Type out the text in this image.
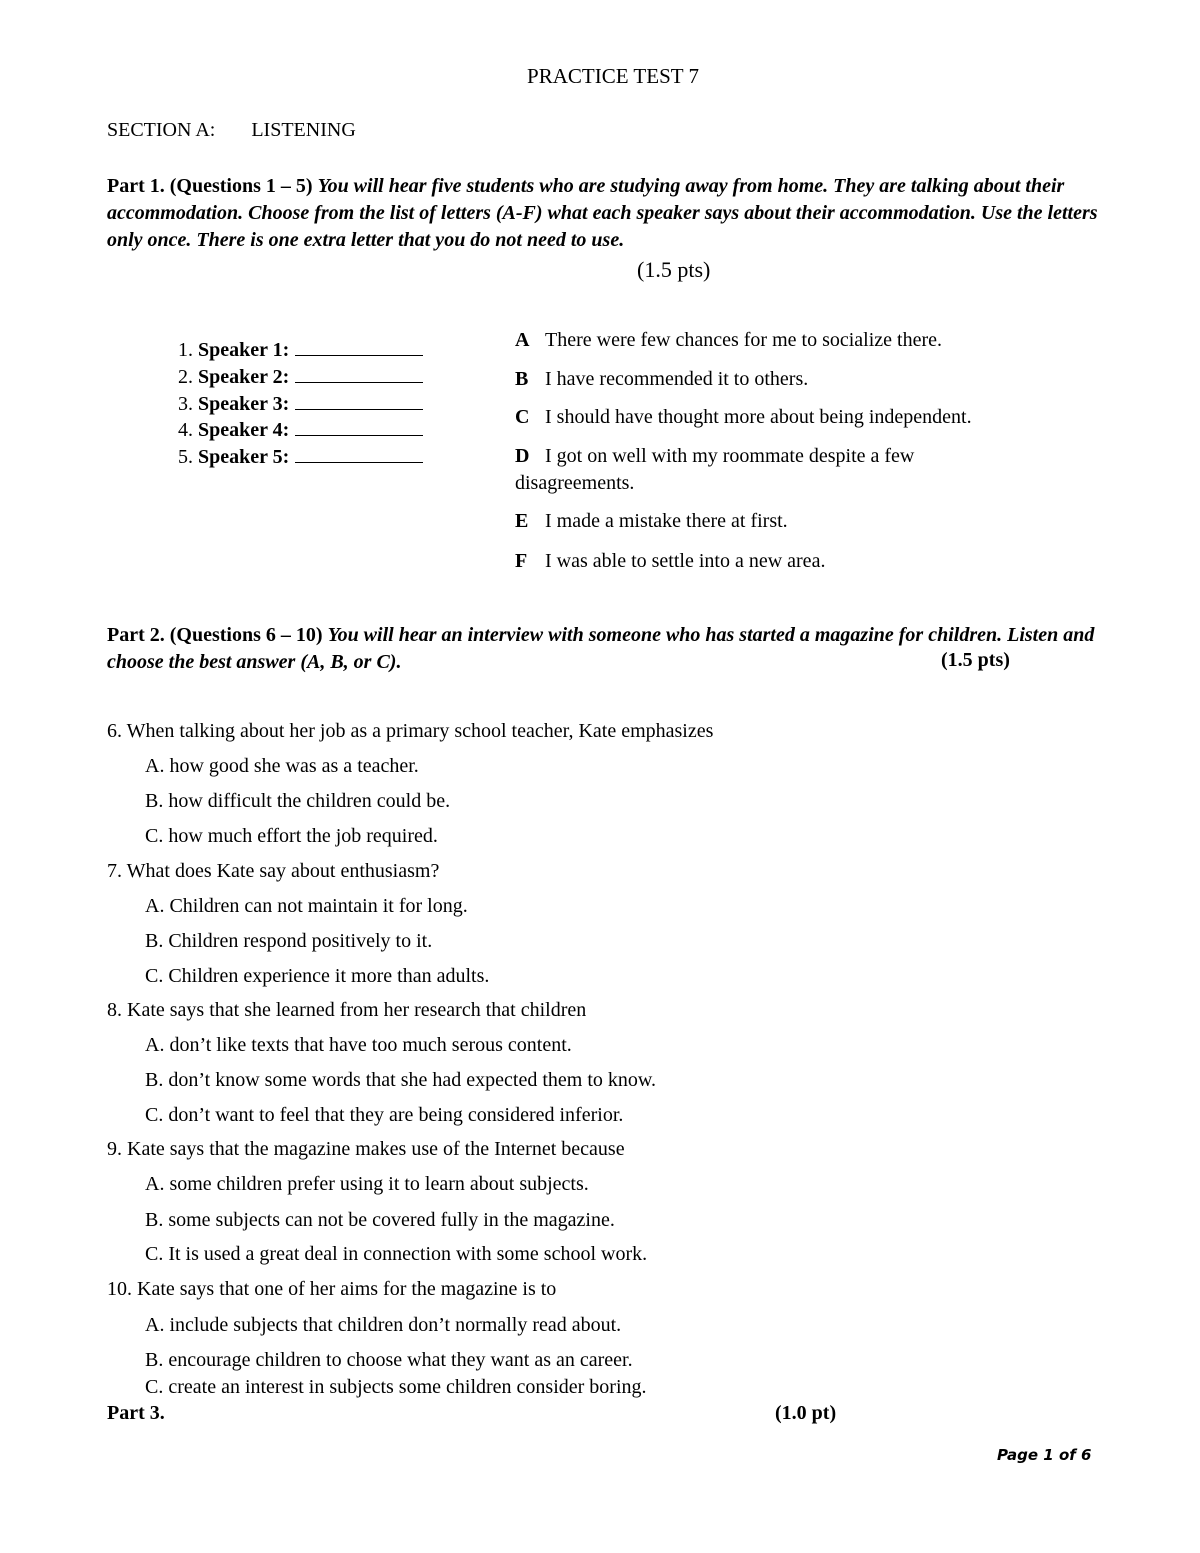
PRACTICE TEST 7
SECTION A: LISTENING
Part 1. (Questions 1 – 5) You will hear five students who are studying away from home. They are talking about their accommodation. Choose from the list of letters (A-F) what each speaker says about their accommodation. Use the letters only once. There is one extra letter that you do not need to use.
(1.5 pts)
1. Speaker 1:
2. Speaker 2:
3. Speaker 3:
4. Speaker 4:
5. Speaker 5:
A There were few chances for me to socialize there.
B I have recommended it to others.
C I should have thought more about being independent.
D I got on well with my roommate despite a few
disagreements.
E I made a mistake there at first.
F I was able to settle into a new area.
Part 2. (Questions 6 – 10) You will hear an interview with someone who has started a magazine for children. Listen and choose the best answer (A, B, or C).	(1.5 pts)
6. When talking about her job as a primary school teacher, Kate emphasizes
A. how good she was as a teacher.
B. how difficult the children could be.
C. how much effort the job required.
7. What does Kate say about enthusiasm?
A. Children can not maintain it for long.
B. Children respond positively to it.
C. Children experience it more than adults.
8. Kate says that she learned from her research that children
A. don’t like texts that have too much serous content.
B. don’t know some words that she had expected them to know.
C. don’t want to feel that they are being considered inferior.
9. Kate says that the magazine makes use of the Internet because
A. some children prefer using it to learn about subjects.
B. some subjects can not be covered fully in the magazine.
C. It is used a great deal in connection with some school work.
10. Kate says that one of her aims for the magazine is to
A. include subjects that children don’t normally read about.
B. encourage children to choose what they want as an career.
C. create an interest in subjects some children consider boring.
Part 3.	(1.0 pt)
Page 1 of 6
